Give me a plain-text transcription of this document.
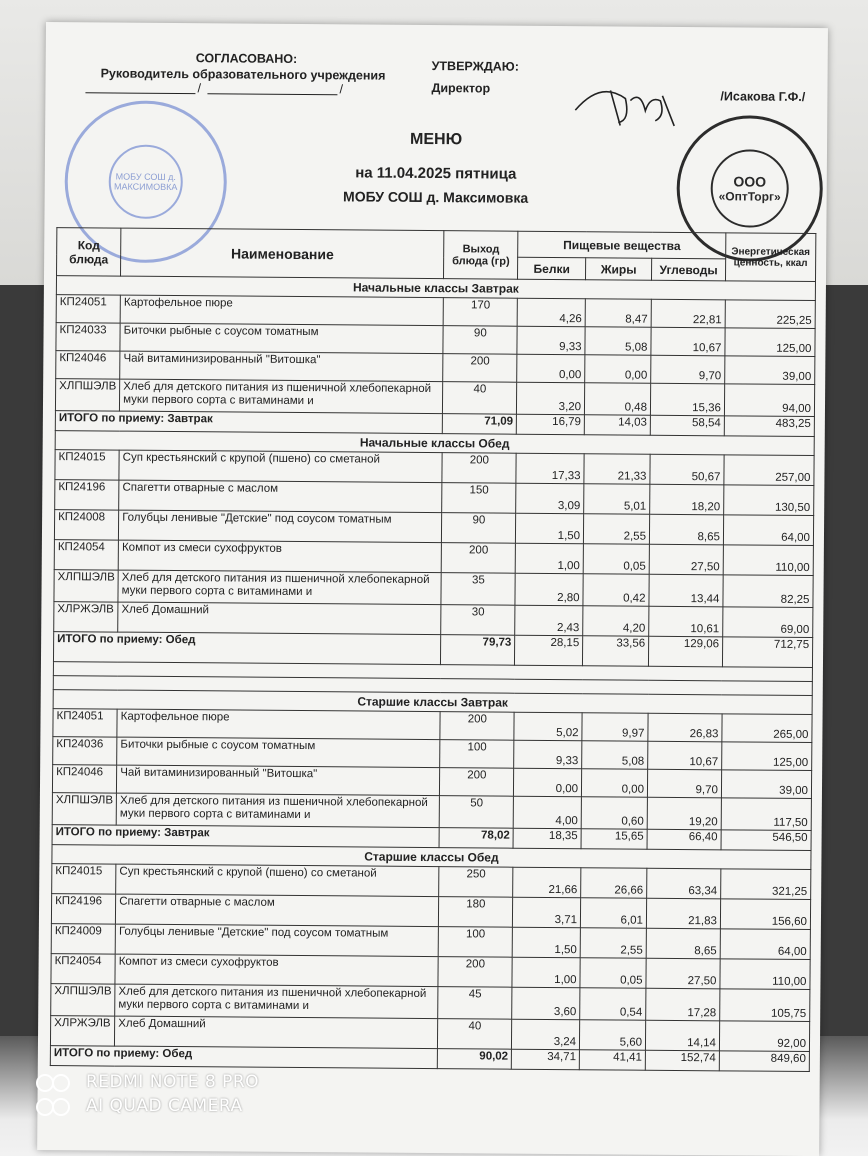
СОГЛАСОВАНО:
Руководитель образовательного учреждения
/	/
УТВЕРЖДАЮ:
Директор
/Исакова Г.Ф./
МОБУ СОШ д. МАКСИМОВКА	ООО
«ОптТорг»
МЕНЮ
на 11.04.2025 пятница
МОБУ СОШ д. Максимовка
Код блюда	Наименование	Выход блюда (гр)	Пищевые вещества			Энергетическая ценность, ккал
			Белки	Жиры	Углеводы	
Начальные классы Завтрак						
КП24051	Картофельное пюре	170	4,26	8,47	22,81	225,25
КП24033	Биточки рыбные с соусом томатным	90	9,33	5,08	10,67	125,00
КП24046	Чай витаминизированный "Витошка"	200	0,00	0,00	9,70	39,00
ХЛПШЭЛВ	Хлеб для детского питания из пшеничной хлебопекарной муки первого сорта с витаминами и	40	3,20	0,48	15,36	94,00
ИТОГО по приему: Завтрак		71,09	16,79	14,03	58,54	483,25
Начальные классы Обед						
КП24015	Суп крестьянский с крупой (пшено) со сметаной	200	17,33	21,33	50,67	257,00
КП24196	Спагетти отварные с маслом	150	3,09	5,01	18,20	130,50
КП24008	Голубцы ленивые "Детские" под соусом томатным	90	1,50	2,55	8,65	64,00
КП24054	Компот из смеси сухофруктов	200	1,00	0,05	27,50	110,00
ХЛПШЭЛВ	Хлеб для детского питания из пшеничной хлебопекарной муки первого сорта с витаминами и	35	2,80	0,42	13,44	82,25
ХЛРЖЭЛВ	Хлеб Домашний	30	2,43	4,20	10,61	69,00
ИТОГО по приему: Обед		79,73	28,15	33,56	129,06	712,75

Старшие классы Завтрак						
КП24051	Картофельное пюре	200	5,02	9,97	26,83	265,00
КП24036	Биточки рыбные с соусом томатным	100	9,33	5,08	10,67	125,00
КП24046	Чай витаминизированный "Витошка"	200	0,00	0,00	9,70	39,00
ХЛПШЭЛВ	Хлеб для детского питания из пшеничной хлебопекарной муки первого сорта с витаминами и	50	4,00	0,60	19,20	117,50
ИТОГО по приему: Завтрак		78,02	18,35	15,65	66,40	546,50
Старшие классы Обед						
КП24015	Суп крестьянский с крупой (пшено) со сметаной	250	21,66	26,66	63,34	321,25
КП24196	Спагетти отварные с маслом	180	3,71	6,01	21,83	156,60
КП24009	Голубцы ленивые "Детские" под соусом томатным	100	1,50	2,55	8,65	64,00
КП24054	Компот из смеси сухофруктов	200	1,00	0,05	27,50	110,00
ХЛПШЭЛВ	Хлеб для детского питания из пшеничной хлебопекарной муки первого сорта с витаминами и	45	3,60	0,54	17,28	105,75
ХЛРЖЭЛВ	Хлеб Домашний	40	3,24	5,60	14,14	92,00
ИТОГО по приему: Обед		90,02	34,71	41,41	152,74	849,60
REDMI NOTE 8 PRO
AI QUAD CAMERA
